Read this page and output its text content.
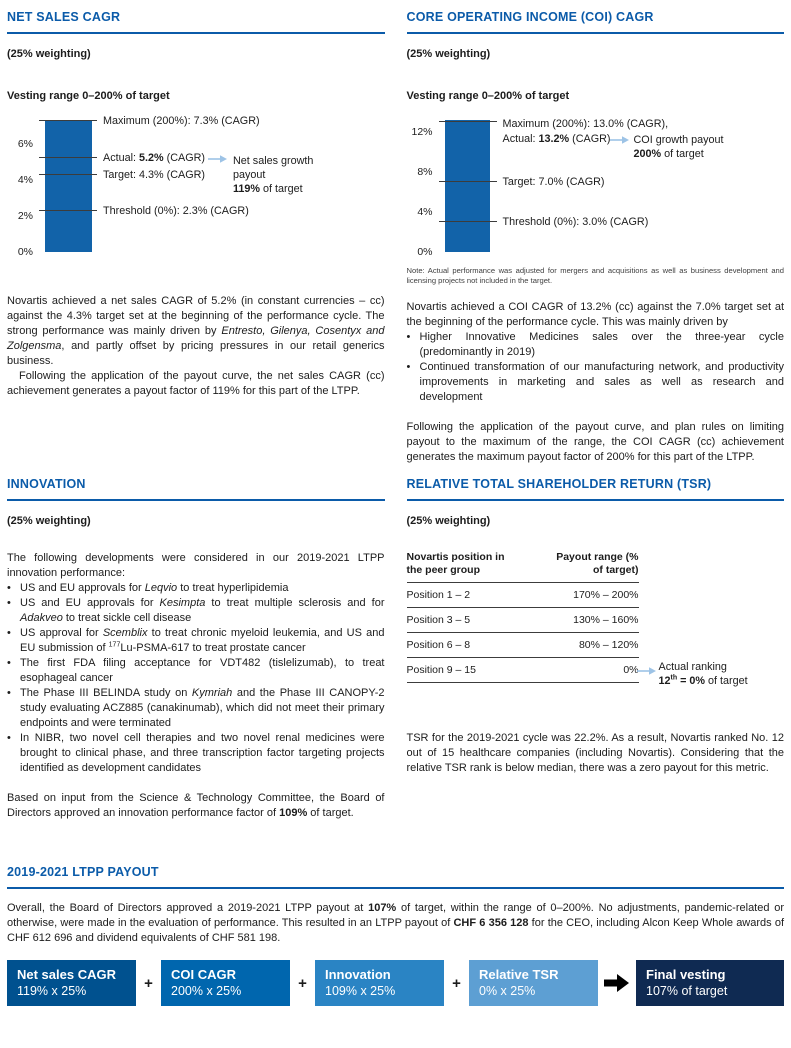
NET SALES CAGR
(25% weighting)
Vesting range 0–200% of target
6%
4%
2%
0%
Maximum (200%): 7.3% (CAGR)
Actual: 5.2% (CAGR)
Target: 4.3% (CAGR)
Threshold (0%): 2.3% (CAGR)
Net sales growth payout
119% of target
Novartis achieved a net sales CAGR of 5.2% (in constant currencies – cc) against the 4.3% target set at the beginning of the performance cycle. The strong performance was mainly driven by Entresto, Gilenya, Cosentyx and Zolgensma, and partly offset by pricing pressures in our retail generics business.
Following the application of the payout curve, the net sales CAGR (cc) achievement generates a payout factor of 119% for this part of the LTPP.
CORE OPERATING INCOME (COI) CAGR
(25% weighting)
Vesting range 0–200% of target
12%
8%
4%
0%
Maximum (200%): 13.0% (CAGR),
Actual: 13.2% (CAGR)
Target: 7.0% (CAGR)
Threshold (0%): 3.0% (CAGR)
COI growth payout
200% of target
Note: Actual performance was adjusted for mergers and acquisitions as well as business development and licensing projects not included in the target.
Novartis achieved a COI CAGR of 13.2% (cc) against the 7.0% target set at the beginning of the performance cycle. This was mainly driven by
• Higher Innovative Medicines sales over the three-year cycle (predominantly in 2019)
• Continued transformation of our manufacturing network, and productivity improvements in marketing and sales as well as research and development
Following the application of the payout curve, and plan rules on limiting payout to the maximum of the range, the COI CAGR (cc) achievement generates the maximum payout factor of 200% for this part of the LTPP.
INNOVATION
(25% weighting)
The following developments were considered in our 2019-2021 LTPP innovation performance:
• US and EU approvals for Leqvio to treat hyperlipidemia
• US and EU approvals for Kesimpta to treat multiple sclerosis and for Adakveo to treat sickle cell disease
• US approval for Scemblix to treat chronic myeloid leukemia, and US and EU submission of $^{177}$Lu-PSMA-617 to treat prostate cancer
• The first FDA filing acceptance for VDT482 (tislelizumab), to treat esophageal cancer
• The Phase III BELINDA study on Kymriah and the Phase III CANOPY-2 study evaluating ACZ885 (canakinumab), which did not meet their primary endpoints and were terminated
• In NIBR, two novel cell therapies and two novel renal medicines were brought to clinical phase, and three transcription factor targeting projects identified as development candidates
Based on input from the Science & Technology Committee, the Board of Directors approved an innovation performance factor of 109% of target.
RELATIVE TOTAL SHAREHOLDER RETURN (TSR)
(25% weighting)
Novartis position in the peer group
Payout range (% of target)
Position 1 – 2	170% – 200%
Position 3 – 5	130% – 160%
Position 6 – 8	80% – 120%
Position 9 – 15	0% Actual ranking
12th = 0% of target
TSR for the 2019-2021 cycle was 22.2%. As a result, Novartis ranked No. 12 out of 15 healthcare companies (including Novartis). Considering that the relative TSR rank is below median, there was a zero payout for this metric.
2019-2021 LTPP PAYOUT
Overall, the Board of Directors approved a 2019-2021 LTPP payout at 107% of target, within the range of 0–200%. No adjustments, pandemic-related or otherwise, were made in the evaluation of performance. This resulted in an LTPP payout of CHF 6 356 128 for the CEO, including Alcon Keep Whole awards of CHF 612 696 and dividend equivalents of CHF 581 198.
Net sales CAGR
119% x 25%	+	COI CAGR
200% x 25%	+	Innovation
109% x 25%	+	Relative TSR
0% x 25%
Final vesting
107% of target
